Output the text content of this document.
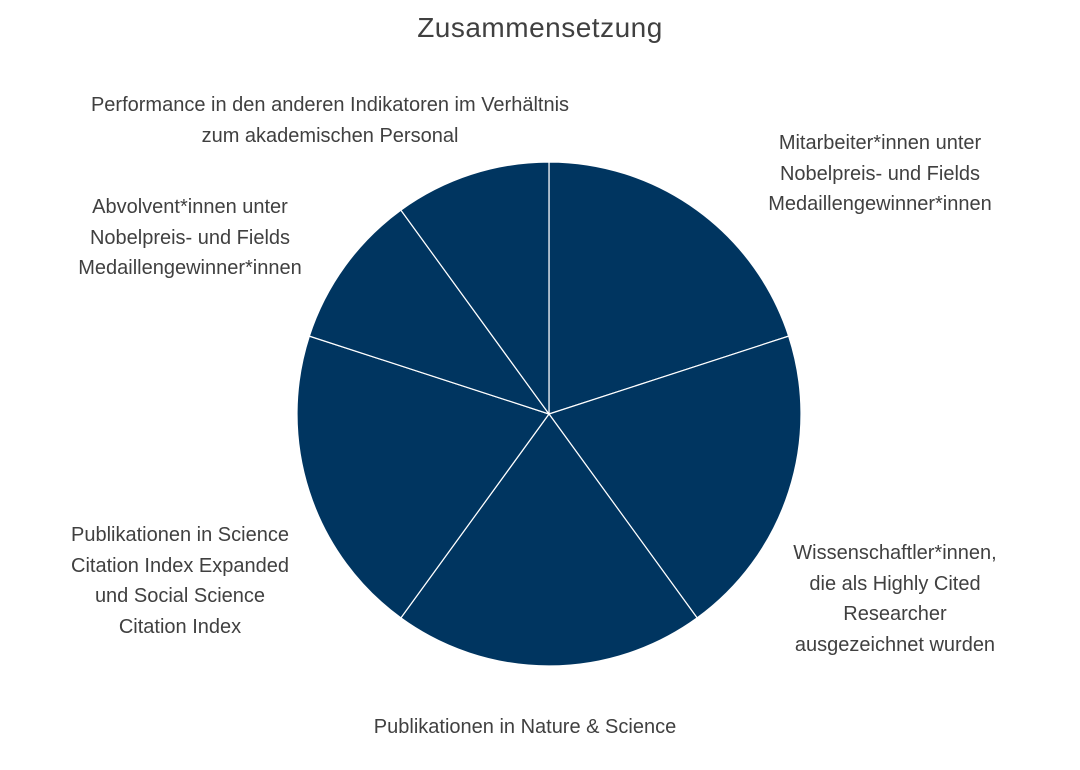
Zusammensetzung
Mitarbeiter*innen unter
Nobelpreis- und Fields
Medaillengewinner*innen
Wissenschaftler*innen,
die als Highly Cited
Researcher
ausgezeichnet wurden
Publikationen in Nature & Science
Publikationen in Science
Citation Index Expanded
und Social Science
Citation Index
Abvolvent*innen unter
Nobelpreis- und Fields
Medaillengewinner*innen
Performance in den anderen Indikatoren im Verhältnis
zum akademischen Personal
